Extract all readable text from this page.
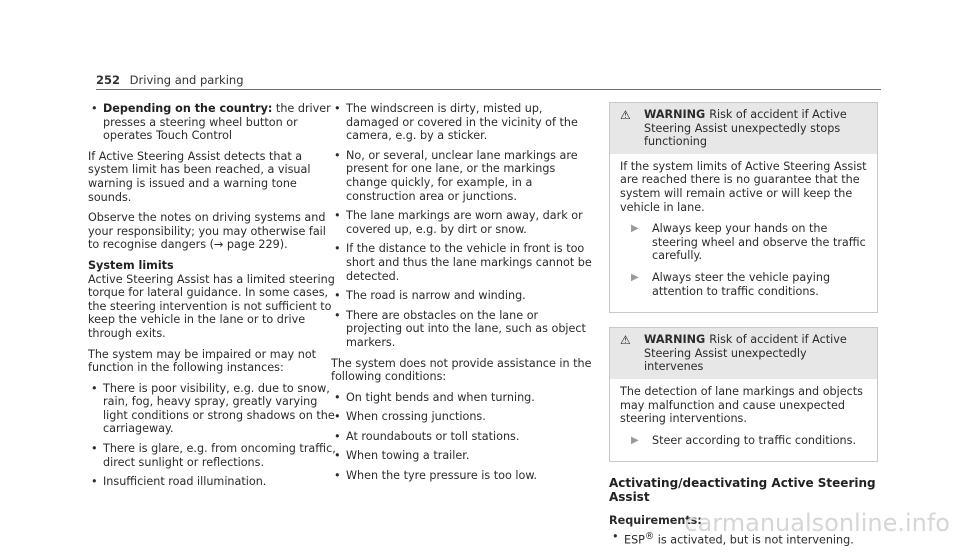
252 Driving and parking
• Depending on the country: the driver presses a steering wheel button or operates Touch Control

If Active Steering Assist detects that a system limit has been reached, a visual warning is issued and a warning tone sounds.

Observe the notes on driving systems and your responsibility; you may otherwise fail to recognise dangers (→ page 229).

System limits

Active Steering Assist has a limited steering torque for lateral guidance. In some cases, the steering intervention is not sufficient to keep the vehicle in the lane or to drive through exits.

The system may be impaired or may not function in the following instances:

• There is poor visibility, e.g. due to snow, rain, fog, heavy spray, greatly varying light conditions or strong shadows on the carriageway.
• There is glare, e.g. from oncoming traffic, direct sunlight or reflections.
• Insufficient road illumination.
• The windscreen is dirty, misted up, damaged or covered in the vicinity of the camera, e.g. by a sticker.
• No, or several, unclear lane markings are present for one lane, or the markings change quickly, for example, in a construction area or junctions.
• The lane markings are worn away, dark or covered up, e.g. by dirt or snow.
• If the distance to the vehicle in front is too short and thus the lane markings cannot be detected.
• The road is narrow and winding.
• There are obstacles on the lane or projecting out into the lane, such as object markers.

The system does not provide assistance in the following conditions:

• On tight bends and when turning.
• When crossing junctions.
• At roundabouts or toll stations.
• When towing a trailer.
• When the tyre pressure is too low.
⚠ WARNING Risk of accident if Active Steering Assist unexpectedly stops functioning

If the system limits of Active Steering Assist are reached there is no guarantee that the system will remain active or will keep the vehicle in lane.

▶ Always keep your hands on the steering wheel and observe the traffic carefully.
▶ Always steer the vehicle paying attention to traffic conditions.
⚠ WARNING Risk of accident if Active Steering Assist unexpectedly intervenes

The detection of lane markings and objects may malfunction and cause unexpected steering interventions.

▶ Steer according to traffic conditions.
Activating/deactivating Active Steering Assist
Requirements:
• ESP® is activated, but is not intervening.
carmanualsonline.info
